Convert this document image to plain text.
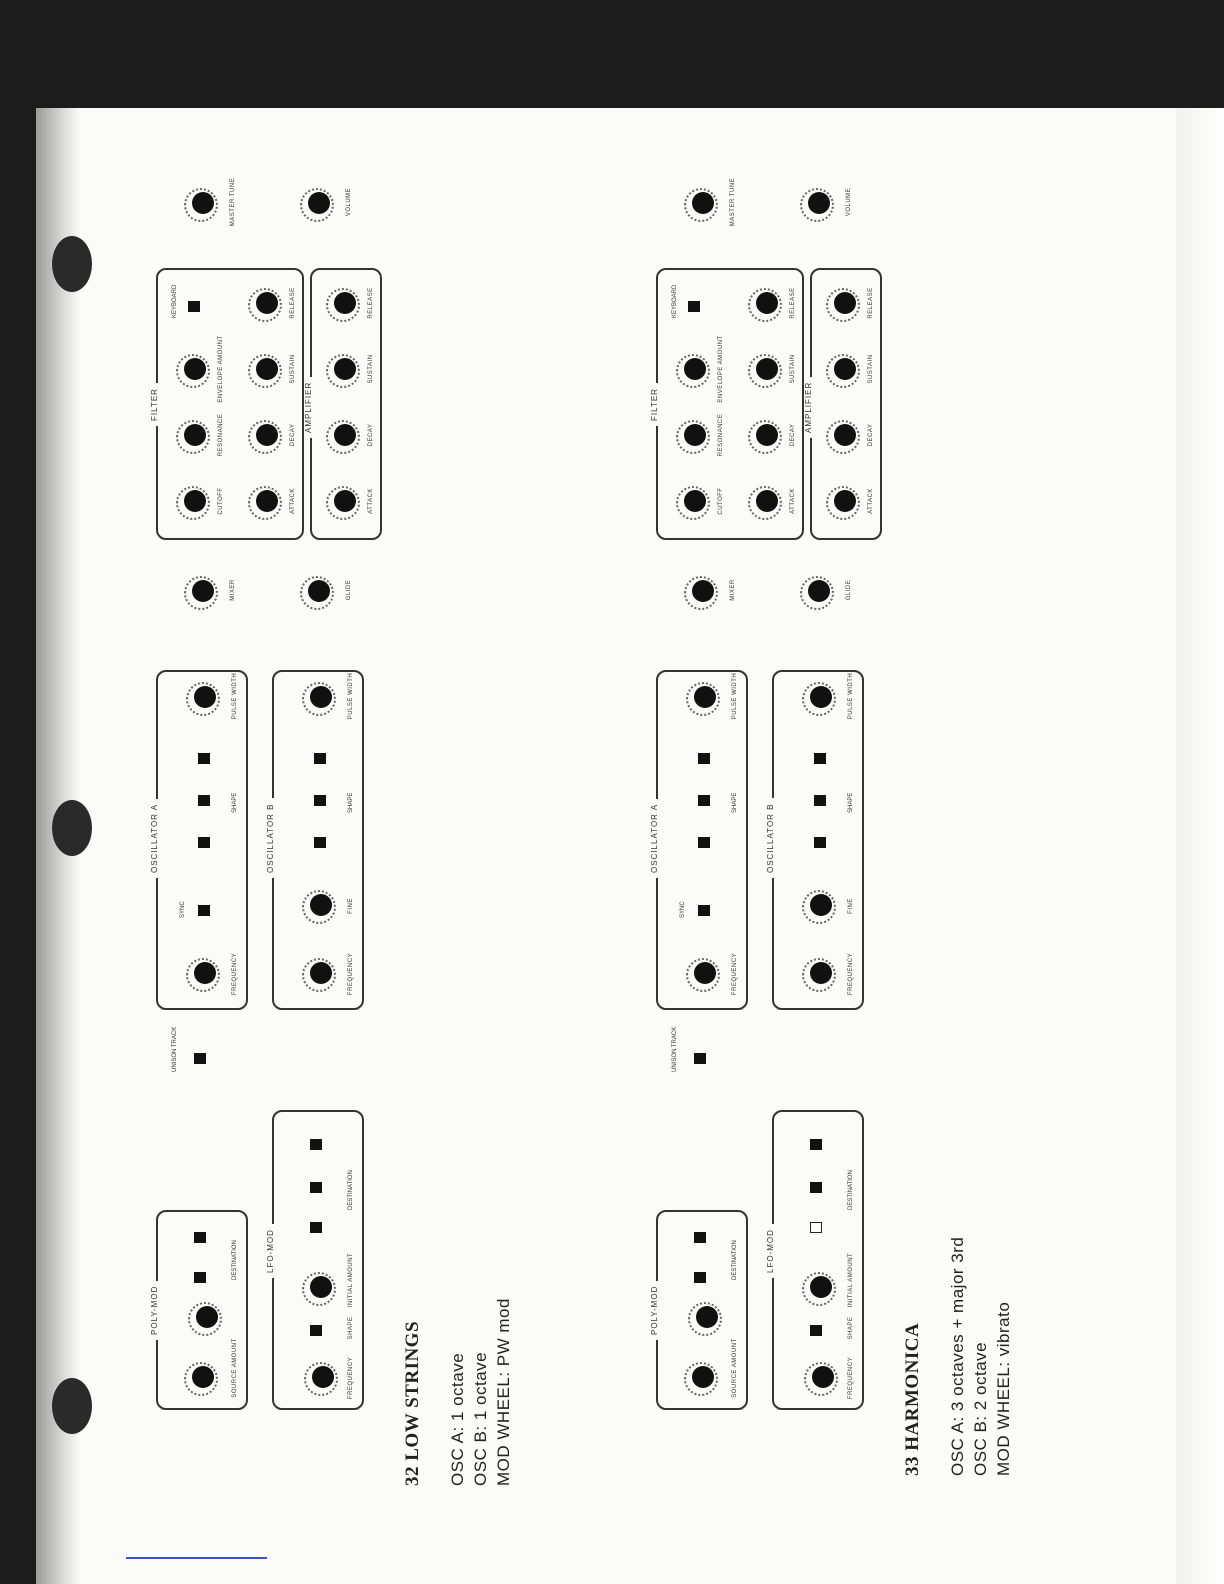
POLY-MOD
SOURCE AMOUNT
DESTINATION	LFO-MOD
FREQUENCY
SHAPE
INITIAL AMOUNT
DESTINATION
UNISON TRACK
OSCILLATOR A
FREQUENCY
SYNC
SHAPE
PULSE WIDTH
OSCILLATOR B
FREQUENCY
FINE
SHAPE
PULSE WIDTH
MIXER	GLIDE
FILTER
CUTOFF
RESONANCE
ENVELOPE AMOUNT
KEYBOARD
ATTACK
DECAY
SUSTAIN
RELEASE
AMPLIFIER
ATTACK
DECAY
SUSTAIN
RELEASE
MASTER TUNE	VOLUME
POLY-MOD
SOURCE AMOUNT
DESTINATION	LFO-MOD
FREQUENCY
SHAPE
INITIAL AMOUNT
DESTINATION
UNISON TRACK
OSCILLATOR A
FREQUENCY
SYNC
SHAPE
PULSE WIDTH
OSCILLATOR B
FREQUENCY
FINE
SHAPE
PULSE WIDTH
MIXER	GLIDE
FILTER
CUTOFF
RESONANCE
ENVELOPE AMOUNT
KEYBOARD
ATTACK
DECAY
SUSTAIN
RELEASE
AMPLIFIER
ATTACK
DECAY
SUSTAIN
RELEASE
MASTER TUNE	VOLUME
32 LOW STRINGS OSC A: 1 octave OSC B: 1 octave MOD WHEEL: PW mod	33 HARMONICA OSC A: 3 octaves + major 3rd OSC B: 2 octave MOD WHEEL: vibrato
